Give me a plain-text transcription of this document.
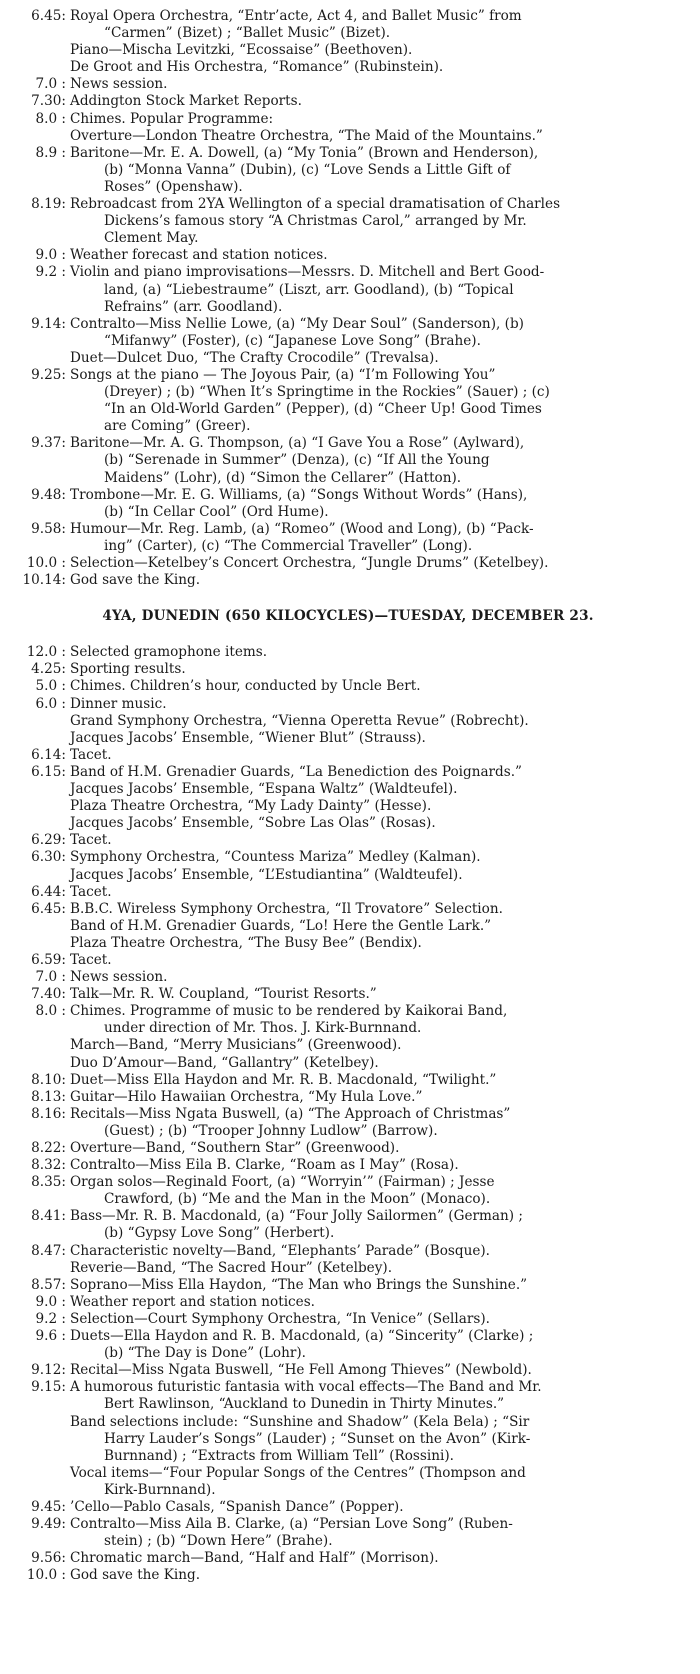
6.45: Royal Opera Orchestra, “Entr’acte, Act 4, and Ballet Music” from
“Carmen” (Bizet) ; “Ballet Music” (Bizet).
Piano—Mischa Levitzki, “Ecossaise” (Beethoven).
De Groot and His Orchestra, “Romance” (Rubinstein).
7.0 : News session.
7.30: Addington Stock Market Reports.
8.0 : Chimes. Popular Programme:
Overture—London Theatre Orchestra, “The Maid of the Mountains.”
8.9 : Baritone—Mr. E. A. Dowell, (a) “My Tonia” (Brown and Henderson),
(b) “Monna Vanna” (Dubin), (c) “Love Sends a Little Gift of
Roses” (Openshaw).
8.19: Rebroadcast from 2YA Wellington of a special dramatisation of Charles
Dickens’s famous story “A Christmas Carol,” arranged by Mr.
Clement May.
9.0 : Weather forecast and station notices.
9.2 : Violin and piano improvisations—Messrs. D. Mitchell and Bert Good-
land, (a) “Liebestraume” (Liszt, arr. Goodland), (b) “Topical
Refrains” (arr. Goodland).
9.14: Contralto—Miss Nellie Lowe, (a) “My Dear Soul” (Sanderson), (b)
“Mifanwy” (Foster), (c) “Japanese Love Song” (Brahe).
Duet—Dulcet Duo, “The Crafty Crocodile” (Trevalsa).
9.25: Songs at the piano — The Joyous Pair, (a) “I’m Following You”
(Dreyer) ; (b) “When It’s Springtime in the Rockies” (Sauer) ; (c)
“In an Old-World Garden” (Pepper), (d) “Cheer Up! Good Times
are Coming” (Greer).
9.37: Baritone—Mr. A. G. Thompson, (a) “I Gave You a Rose” (Aylward),
(b) “Serenade in Summer” (Denza), (c) “If All the Young
Maidens” (Lohr), (d) “Simon the Cellarer” (Hatton).
9.48: Trombone—Mr. E. G. Williams, (a) “Songs Without Words” (Hans),
(b) “In Cellar Cool” (Ord Hume).
9.58: Humour—Mr. Reg. Lamb, (a) “Romeo” (Wood and Long), (b) “Pack-
ing” (Carter), (c) “The Commercial Traveller” (Long).
10.0 : Selection—Ketelbey’s Concert Orchestra, “Jungle Drums” (Ketelbey).
10.14: God save the King.
4YA, DUNEDIN (650 KILOCYCLES)—TUESDAY, DECEMBER 23.
12.0 : Selected gramophone items.
4.25: Sporting results.
5.0 : Chimes. Children’s hour, conducted by Uncle Bert.
6.0 : Dinner music.
Grand Symphony Orchestra, “Vienna Operetta Revue” (Robrecht).
Jacques Jacobs’ Ensemble, “Wiener Blut” (Strauss).
6.14: Tacet.
6.15: Band of H.M. Grenadier Guards, “La Benediction des Poignards.”
Jacques Jacobs’ Ensemble, “Espana Waltz” (Waldteufel).
Plaza Theatre Orchestra, “My Lady Dainty” (Hesse).
Jacques Jacobs’ Ensemble, “Sobre Las Olas” (Rosas).
6.29: Tacet.
6.30: Symphony Orchestra, “Countess Mariza” Medley (Kalman).
Jacques Jacobs’ Ensemble, “L’Estudiantina” (Waldteufel).
6.44: Tacet.
6.45: B.B.C. Wireless Symphony Orchestra, “Il Trovatore” Selection.
Band of H.M. Grenadier Guards, “Lo! Here the Gentle Lark.”
Plaza Theatre Orchestra, “The Busy Bee” (Bendix).
6.59: Tacet.
7.0 : News session.
7.40: Talk—Mr. R. W. Coupland, “Tourist Resorts.”
8.0 : Chimes. Programme of music to be rendered by Kaikorai Band,
under direction of Mr. Thos. J. Kirk-Burnnand.
March—Band, “Merry Musicians” (Greenwood).
Duo D’Amour—Band, “Gallantry” (Ketelbey).
8.10: Duet—Miss Ella Haydon and Mr. R. B. Macdonald, “Twilight.”
8.13: Guitar—Hilo Hawaiian Orchestra, “My Hula Love.”
8.16: Recitals—Miss Ngata Buswell, (a) “The Approach of Christmas”
(Guest) ; (b) “Trooper Johnny Ludlow” (Barrow).
8.22: Overture—Band, “Southern Star” (Greenwood).
8.32: Contralto—Miss Eila B. Clarke, “Roam as I May” (Rosa).
8.35: Organ solos—Reginald Foort, (a) “Worryin’” (Fairman) ; Jesse
Crawford, (b) “Me and the Man in the Moon” (Monaco).
8.41: Bass—Mr. R. B. Macdonald, (a) “Four Jolly Sailormen” (German) ;
(b) “Gypsy Love Song” (Herbert).
8.47: Characteristic novelty—Band, “Elephants’ Parade” (Bosque).
Reverie—Band, “The Sacred Hour” (Ketelbey).
8.57: Soprano—Miss Ella Haydon, “The Man who Brings the Sunshine.”
9.0 : Weather report and station notices.
9.2 : Selection—Court Symphony Orchestra, “In Venice” (Sellars).
9.6 : Duets—Ella Haydon and R. B. Macdonald, (a) “Sincerity” (Clarke) ;
(b) “The Day is Done” (Lohr).
9.12: Recital—Miss Ngata Buswell, “He Fell Among Thieves” (Newbold).
9.15: A humorous futuristic fantasia with vocal effects—The Band and Mr.
Bert Rawlinson, “Auckland to Dunedin in Thirty Minutes.”
Band selections include: “Sunshine and Shadow” (Kela Bela) ; “Sir
Harry Lauder’s Songs” (Lauder) ; “Sunset on the Avon” (Kirk-
Burnnand) ; “Extracts from William Tell” (Rossini).
Vocal items—“Four Popular Songs of the Centres” (Thompson and
Kirk-Burnnand).
9.45: ’Cello—Pablo Casals, “Spanish Dance” (Popper).
9.49: Contralto—Miss Aila B. Clarke, (a) “Persian Love Song” (Ruben-
stein) ; (b) “Down Here” (Brahe).
9.56: Chromatic march—Band, “Half and Half” (Morrison).
10.0 : God save the King.
